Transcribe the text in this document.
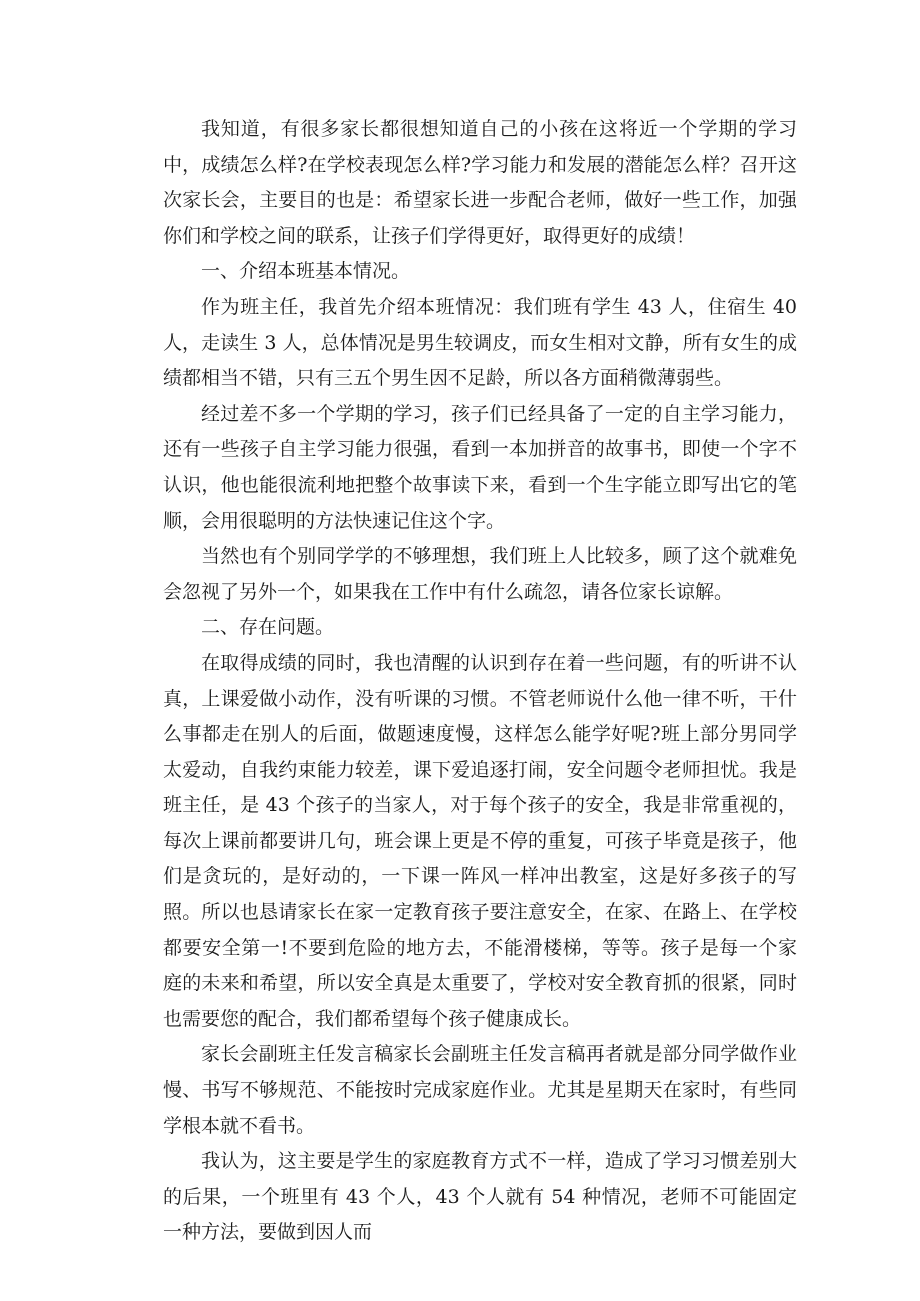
我知道，有很多家长都很想知道自己的小孩在这将近一个学期的学习中，成绩怎么样?在学校表现怎么样?学习能力和发展的潜能怎么样？召开这次家长会，主要目的也是：希望家长进一步配合老师，做好一些工作，加强你们和学校之间的联系，让孩子们学得更好，取得更好的成绩！

一、介绍本班基本情况。

作为班主任，我首先介绍本班情况：我们班有学生 43 人，住宿生 40 人，走读生 3 人，总体情况是男生较调皮，而女生相对文静，所有女生的成绩都相当不错，只有三五个男生因不足龄，所以各方面稍微薄弱些。

经过差不多一个学期的学习，孩子们已经具备了一定的自主学习能力，还有一些孩子自主学习能力很强，看到一本加拼音的故事书，即使一个字不认识，他也能很流利地把整个故事读下来，看到一个生字能立即写出它的笔顺，会用很聪明的方法快速记住这个字。

当然也有个别同学学的不够理想，我们班上人比较多，顾了这个就难免会忽视了另外一个，如果我在工作中有什么疏忽，请各位家长谅解。

二、存在问题。

在取得成绩的同时，我也清醒的认识到存在着一些问题，有的听讲不认真，上课爱做小动作，没有听课的习惯。不管老师说什么他一律不听，干什么事都走在别人的后面，做题速度慢，这样怎么能学好呢?班上部分男同学太爱动，自我约束能力较差，课下爱追逐打闹，安全问题令老师担忧。我是班主任，是 43 个孩子的当家人，对于每个孩子的安全，我是非常重视的，每次上课前都要讲几句，班会课上更是不停的重复，可孩子毕竟是孩子，他们是贪玩的，是好动的，一下课一阵风一样冲出教室，这是好多孩子的写照。所以也恳请家长在家一定教育孩子要注意安全，在家、在路上、在学校都要安全第一!不要到危险的地方去，不能滑楼梯，等等。孩子是每一个家庭的未来和希望，所以安全真是太重要了，学校对安全教育抓的很紧，同时也需要您的配合，我们都希望每个孩子健康成长。

家长会副班主任发言稿家长会副班主任发言稿再者就是部分同学做作业慢、书写不够规范、不能按时完成家庭作业。尤其是星期天在家时，有些同学根本就不看书。

我认为，这主要是学生的家庭教育方式不一样，造成了学习习惯差别大的后果，一个班里有 43 个人，43 个人就有 54 种情况，老师不可能固定一种方法，要做到因人而
